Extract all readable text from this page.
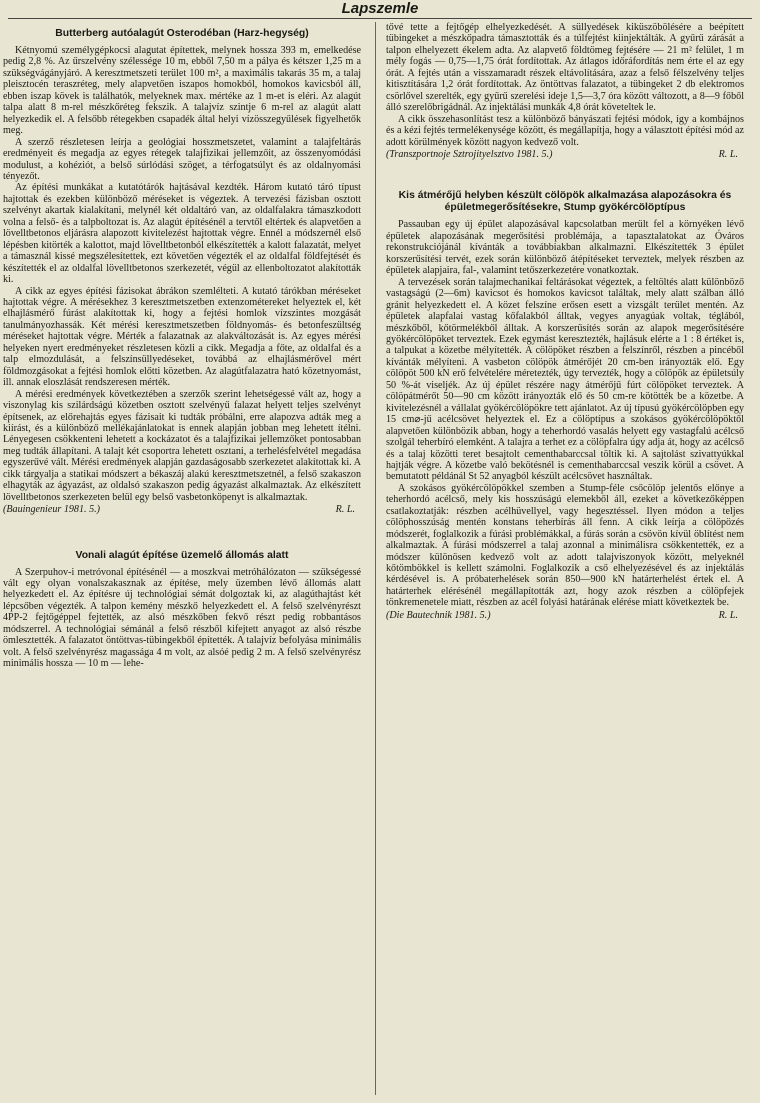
Lapszemle
Butterberg autóalagút Osterodéban (Harz-hegység)

Kétnyomú személygépkocsi alagutat építettek, melynek hossza 393 m, emelkedése pedig 2,8 %. Az űrszelvény szélessége 10 m, ebből 7,50 m a pálya és kétszer 1,25 m a szükségvágányjáró. A keresztmetszeti terület 100 m², a maximális takarás 35 m, a talaj pleisztocén teraszréteg, mely alapvetően iszapos homokból, homokos kavicsból áll, ebben iszap kövek is találhatók, melyeknek max. mértéke az 1 m-et is eléri. Az alagút talpa alatt 8 m-rel mészkőréteg fekszik. A talajvíz szintje 6 m-rel az alagút alatt helyezkedik el. A felsőbb rétegekben csapadék által helyi vízösszegyűlések figyelhetők meg.

A szerző részletesen leírja a geológiai hosszmetszetet, valamint a talajfeltárás eredményeit és megadja az egyes rétegek talajfizikai jellemzőit, az összenyomódási modulust, a kohéziót, a belső súrlódási szöget, a térfogatsúlyt és az oldalnyomási tényezőt.

Az építési munkákat a kutatótárók hajtásával kezdték. Három kutató táró típust hajtottak és ezekben különböző méréseket is végeztek. A tervezési fázisban osztott szelvényt akartak kialakítani, melynél két oldaltáró van, az oldalfalakra támaszkodott volna a felső- és a talpboltozat is. Az alagút építésénél a tervtől eltértek és alapvetően a lövelltbetonos eljárásra alapozott kivitelezést hajtottak végre. Ennél a módszernél első lépésben kitörték a kalottot, majd lövelltbetonból elkészítették a kalott falazatát, melyet a támasznál kissé megszélesítettek, ezt követően végezték el az oldalfal földfejtését és készítették el az oldalfal lövelltbetonos szerkezetét, végül az ellenboltozatot alakították ki.

A cikk az egyes építési fázisokat ábrákon szemlélteti. A kutató tárókban méréseket hajtottak végre. A mérésekhez 3 keresztmetszetben extenzométereket helyeztek el, két elhajlásmérő fúrást alakítottak ki, hogy a fejtési homlok vízszintes mozgását tanulmányozhassák. Két mérési keresztmetszetben földnyomás- és betonfeszültség méréseket hajtottak végre. Mérték a falazatnak az alakváltozását is. Az egyes mérési helyeken nyert eredményeket részletesen közli a cikk. Megadja a főte, az oldalfal és a talp elmozdulását, a felszínsüllyedéseket, továbbá az elhajlásmérővel mért földmozgásokat a fejtési homlok előtti közetben. Az alagútfalazatra ható közetnyomást, ill. annak eloszlását rendszeresen mérték.

A mérési eredmények következtében a szerzők szerint lehetségessé vált az, hogy a viszonylag kis szilárdságú közetben osztott szelvényű falazat helyett teljes szelvényt építsenek, az előrehajtás egyes fázisait ki tudták próbálni, erre alapozva adták meg a kiírást, és a különböző mellékajánlatokat is ennek alapján jobban meg lehetett ítélni. Lényegesen csökkenteni lehetett a kockázatot és a talajfizikai jellemzőket pontosabban meg tudták állapítani. A talajt két csoportra lehetett osztani, a terhelésfelvétel megadása egyszerűvé vált. Mérési eredmények alapján gazdaságosabb szerkezetet alakítottak ki. A cikk tárgyalja a statikai módszert a békaszáj alakú keresztmetszetnél, a felső szakaszon elhagyták az ágyazást, az oldalsó szakaszon pedig ágyazást alkalmaztak. Az elkészített lövelltbetonos szerkezeten belül egy belső vasbetonköpenyt is alkalmaztak.

(Bauingenieur 1981. 5.)	R. L.
Vonali alagút építése üzemelő állomás alatt

A Szerpuhov-i metróvonal építésénél — a moszkvai metróhálózaton — szükségessé vált egy olyan vonalszakasznak az építése, mely üzemben lévő állomás alatt helyezkedett el. Az építésre új technológiai sémát dolgoztak ki, az alagúthajtást két lépcsőben végezték. A talpon kemény mészkő helyezkedett el. A felső szelvényrészt 4PP-2 fejtőgéppel fejtették, az alsó mészkőben fekvő részt pedig robbantásos módszerrel. A technológiai sémánál a felső részből kifejtett anyagot az alsó részbe ömlesztették. A falazatot öntöttvas-tübingekből építették. A talajvíz befolyása minimális volt. A felső szelvényrész magassága 4 m volt, az alsóé pedig 2 m. A felső szelvényrész minimális hossza — 10 m — lehe-

tővé tette a fejtőgép elhelyezkedését. A süllyedések kiküszöbölésére a beépített tübingeket a mészkőpadra támasztották és a túlfejtést kiinjektálták. A gyűrű zárását a talpon elhelyezett ékelem adta. Az alapvető földtömeg fejtésére — 21 m² felület, 1 m mély fogás — 0,75—1,75 órát fordítottak. Az átlagos időráfordítás nem érte el az egy órát. A fejtés után a visszamaradt részek eltávolítására, azaz a felső félszelvény teljes kitisztítására 1,2 órát fordítottak. Az öntöttvas falazatot, a tübingeket 2 db elektromos csörlővel szerelték, egy gyűrű szerelési ideje 1,5—3,7 óra között változott, a 8—9 főből álló szerelőbrigádnál. Az injektálási munkák 4,8 órát követeltek le.

A cikk összehasonlítást tesz a különböző bányászati fejtési módok, így a kombájnos és a kézi fejtés termelékenysége között, és megállapítja, hogy a választott építési mód az adott körülmények között nagyon kedvező volt.

(Transzportnoje Sztrojityelsztvo 1981. 5.)	R. L.
Kis átmérőjű helyben készült cölöpök alkalmazása alapozásokra és épületmegerősítésekre, Stump gyökércölöptípus

Passauban egy új épület alapozásával kapcsolatban merült fel a környéken lévő épületek alapozásának megerősítési problémája, a tapasztalatokat az Óváros rekonstrukciójánál kívánták a továbbiakban alkalmazni. Elkészítették 3 épület korszerűsítési tervét, ezek során különböző átépítéseket terveztek, melyek részben az épületek alapjaira, fal-, valamint tetőszerkezetére vonatkoztak.

A tervezések során talajmechanikai feltárásokat végeztek, a feltöltés alatt különböző vastagságú (2—6m) kavicsot és homokos kavicsot találtak, mely alatt szálban álló gránit helyezkedett el. A közet felszíne erősen esett a vizsgált terület mentén. Az épületek alapfalai vastag kőfalakból álltak, vegyes anyagúak voltak, téglából, mészkőből, kőtörmelékből álltak. A korszerűsítés során az alapok megerősítésére gyökércölöpöket terveztek. Ezek egymást keresztezték, hajlásuk elérte a 1 : 8 értéket is, a talpukat a közetbe mélyítették. A cölöpöket részben a felszínről, részben a pincéből kívánták mélyíteni. A vasbeton cölöpök átmérőjét 20 cm-ben irányozták elő. Egy cölöpöt 500 kN erő felvételére méretezték, úgy tervezték, hogy a cölöpök az épületsúly 50 %-át viseljék. Az új épület részére nagy átmérőjű fúrt cölöpöket terveztek. A cölöpátmérőt 50—90 cm között irányozták elő és 50 cm-re kötötték be a közetbe. A kivitelezésnél a vállalat gyökércölöpökre tett ajánlatot. Az új típusú gyökércölöpben egy 15 cm⌀-jű acélcsövet helyeztek el. Ez a cölöptípus a szokásos gyökércölöpöktől alapvetően különbözik abban, hogy a teherhordó vasalás helyett egy vastagfalú acélcső szolgál teherbíró elemként. A talajra a terhet ez a cölöpfalra úgy adja át, hogy az acélcső és a talaj közötti teret besajtolt cementhabarccsal töltik ki. A sajtolást szivattyúkkal hajtják végre. A közetbe való bekötésnél is cementhabarccsal veszik körül a csövet. A bemutatott példánál St 52 anyagból készült acélcsövet használtak.

A szokásos gyökércölöpökkel szemben a Stump-féle csőcölöp jelentős előnye a teherhordó acélcső, mely kis hosszúságú elemekből áll, ezeket a következőképpen csatlakoztatják: részben acélhüvellyel, vagy hegesztéssel. Ilyen módon a teljes cölöphosszúság mentén konstans teherbírás áll fenn. A cikk leírja a cölöpözés módszerét, foglalkozik a fúrási problémákkal, a fúrás során a csövön kívül öblítést nem alkalmaztak. A fúrási módszerrel a talaj azonnal a minimálisra csökkentették, ez a módszer különösen kedvező volt az adott talajviszonyok között, melyeknél kőtömbökkel is kellett számolni. Foglalkozik a cső elhelyezésével és az injektálás kérdésével is. A próbaterhelések során 850—900 kN határterhelést értek el. A határterhek elérésénél megállapították azt, hogy azok részben a cölöpfejek tönkremenetele miatt, részben az acél folyási határának elérése miatt következtek be.

(Die Bautechnik 1981. 5.)	R. L.
